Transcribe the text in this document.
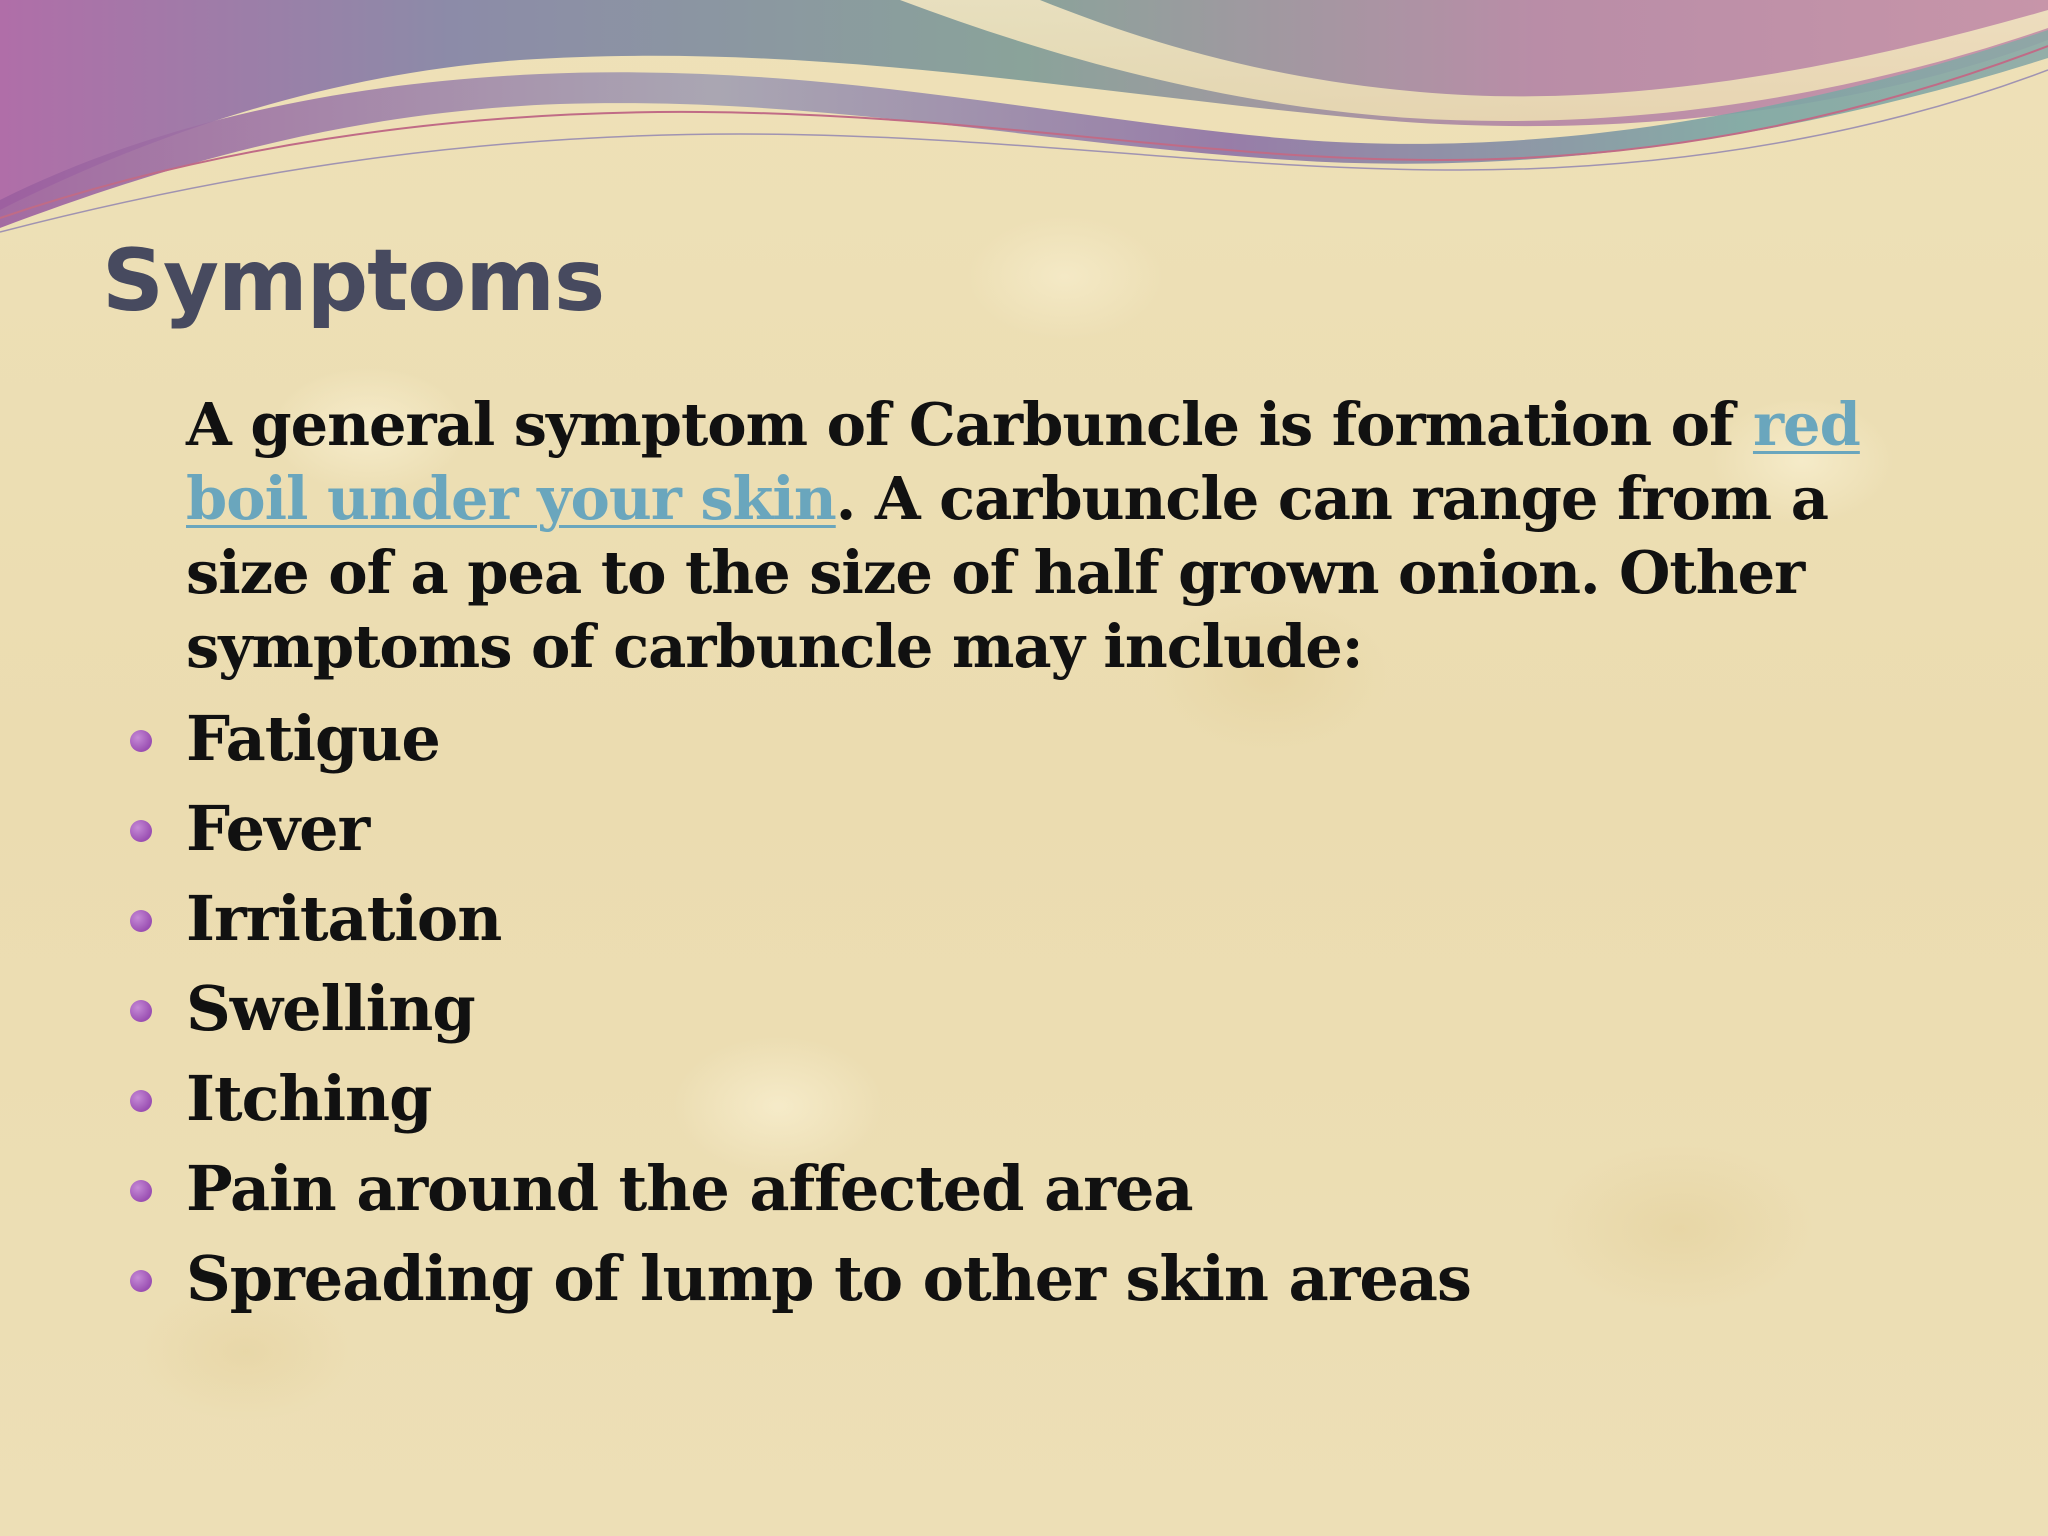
Symptoms

A general symptom of Carbuncle is formation of red boil under your skin. A carbuncle can range from a size of a pea to the size of half grown onion. Other symptoms of carbuncle may include:

Fatigue
Fever
Irritation
Swelling
Itching
Pain around the affected area
Spreading of lump to other skin areas
